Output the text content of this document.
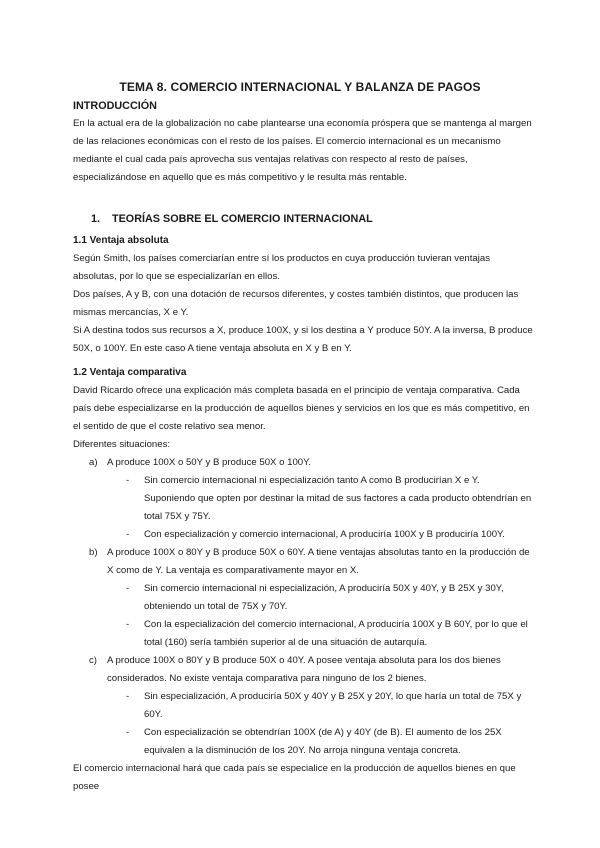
TEMA 8. COMERCIO INTERNACIONAL Y BALANZA DE PAGOS
INTRODUCCIÓN

En la actual era de la globalización no cabe plantearse una economía próspera que se mantenga al margen de las relaciones económicas con el resto de los países. El comercio internacional es un mecanismo mediante el cual cada país aprovecha sus ventajas relativas con respecto al resto de países, especializándose en aquello que es más competitivo y le resulta más rentable.

1. TEORÍAS SOBRE EL COMERCIO INTERNACIONAL
1.1 Ventaja absoluta

Según Smith, los países comerciarían entre sí los productos en cuya producción tuvieran ventajas absolutas, por lo que se especializarían en ellos.

Dos países, A y B, con una dotación de recursos diferentes, y costes también distintos, que producen las mismas mercancías, X e Y.

Si A destina todos sus recursos a X, produce 100X, y si los destina a Y produce 50Y. A la inversa, B produce 50X, o 100Y. En este caso A tiene ventaja absoluta en X y B en Y.

1.2 Ventaja comparativa

David Ricardo ofrece una explicación más completa basada en el principio de ventaja comparativa. Cada país debe especializarse en la producción de aquellos bienes y servicios en los que es más competitivo, en el sentido de que el coste relativo sea menor.

Diferentes situaciones:

a) A produce 100X o 50Y y B produce 50X o 100Y.

- Sin comercio internacional ni especialización tanto A como B producirían X e Y. Suponiendo que opten por destinar la mitad de sus factores a cada producto obtendrían en total 75X y 75Y.
- Con especialización y comercio internacional, A produciría 100X y B produciría 100Y.
b) A produce 100X o 80Y y B produce 50X o 60Y. A tiene ventajas absolutas tanto en la producción de X como de Y. La ventaja es comparativamente mayor en X.

- Sin comercio internacional ni especialización, A produciría 50X y 40Y, y B 25X y 30Y, obteniendo un total de 75X y 70Y.
- Con la especialización del comercio internacional, A produciría 100X y B 60Y, por lo que el total (160) sería también superior al de una situación de autarquía.
c) A produce 100X o 80Y y B produce 50X o 40Y. A posee ventaja absoluta para los dos bienes considerados. No existe ventaja comparativa para ninguno de los 2 bienes.

- Sin especialización, A produciría 50X y 40Y y B 25X y 20Y, lo que haría un total de 75X y 60Y.
- Con especialización se obtendrían 100X (de A) y 40Y (de B). El aumento de los 25X equivalen a la disminución de los 20Y. No arroja ninguna ventaja concreta.

El comercio internacional hará que cada país se especialice en la producción de aquellos bienes en que posee
